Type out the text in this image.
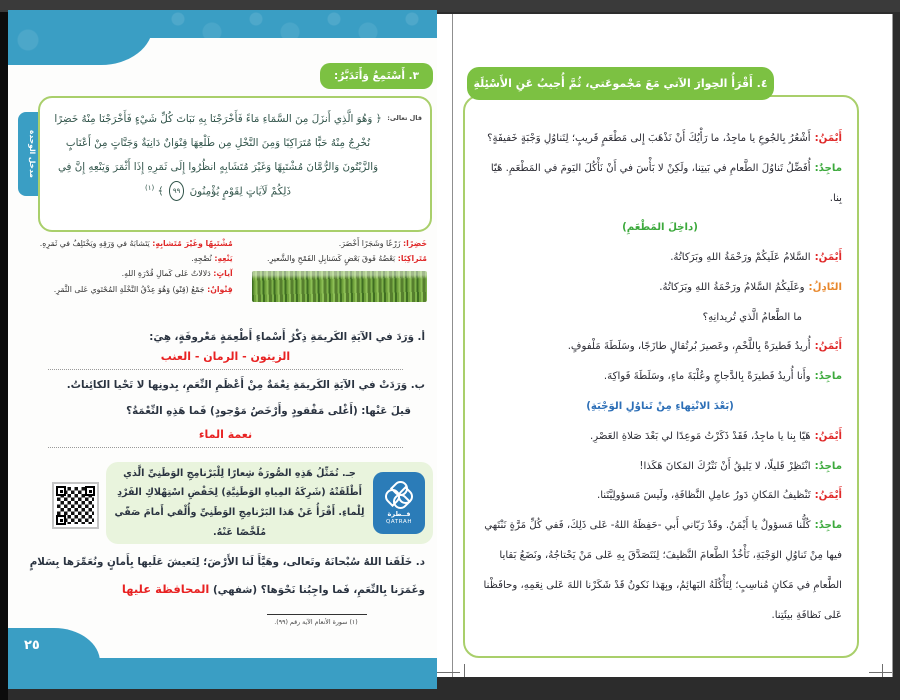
مدخل الوحدة
٣. أَسْتَمِعُ وَأَتَدَبَّرُ:
قال تعالى:
﴿ وَهُوَ الَّذِي أَنزَلَ مِنَ السَّمَاءِ مَاءً فَأَخْرَجْنَا بِهِ نَبَاتَ كُلِّ شَيْءٍ فَأَخْرَجْنَا مِنْهُ خَضِرًا نُخْرِجُ مِنْهُ حَبًّا مُتَرَاكِبًا وَمِنَ النَّخْلِ مِن طَلْعِهَا قِنْوَانٌ دَانِيَةٌ وَجَنَّاتٍ مِنْ أَعْنَابٍ وَالزَّيْتُونَ وَالرُّمَّانَ مُشْتَبِهًا وَغَيْرَ مُتَشَابِهٍ انظُرُوا إِلَى ثَمَرِهِ إِذَا أَثْمَرَ وَيَنْعِهِ إِنَّ فِي ذَلِكُمْ لَآيَاتٍ لِقَوْمٍ يُؤْمِنُونَ ٩٩ ﴾ $^{(١)}$
خَضِرًا: زَرْعًا وشَجَرًا أَخْضَرَ.
مُتَراكِبًا: بَعْضُهُ فَوقَ بَعْضٍ كَسَنابِلِ القَمْحِ والشَّعيرِ.
مُشْتَبِهًا وغَيْرَ مُتَشابِهٍ: يَتَشابَهُ في وَرَقِهِ ويَخْتَلِفُ في ثَمَرِهِ.
يَنْعِهِ: نُضْجِهِ.
آياتٍ: دَلالاتٌ عَلى كَمالِ قُدْرَةِ اللهِ.
قِنْوانٌ: جَمْعُ (قِنْو) وَهُوَ عِذْقُ النَّخْلَةِ المُحْتَوي عَلى الثَّمَرِ.
أ. وَرَدَ في الآيَةِ الكَريمَةِ ذِكْرُ أَسْماءِ أَطْعِمَةٍ مَعْروفَةٍ، هِيَ:
الزيتون - الرمان - العنب
ب. وَرَدَتْ في الآيَةِ الكَريمَةِ نِعْمَةٌ مِنْ أَعْظَمِ النِّعَمِ، بِدونِها لا تَحْيا الكائِناتُ.
قيلَ عَنْها: (أَغْلى مَفْقودٍ وأَرْخَصُ مَوْجودٍ) فَما هَذِهِ النِّعْمَةُ؟
نعمة الماء
قــطرة
QATRAH
جـ. تُمَثِّلُ هَذِهِ الصُّورَةُ شِعارًا لِلْبَرْنامِجِ الوَطَنِيِّ الَّذي أَطْلَقَتْهُ (شَرِكَةُ المِياهِ الوَطَنِيَّةِ) لِخَفْضِ اسْتِهْلاكِ الفَرْدِ لِلْماءِ. أَقْرَأُ عَنْ هَذا البَرْنامِجِ الوَطَنِيِّ وأُلْقي أَمامَ صَفّي مُلَخَّصًا عَنْهُ.
د. خَلَقَنا اللهُ سُبْحانَهُ وتَعالى، وهَيَّأَ لَنا الأَرْضَ؛ لِنَعيشَ عَلَيها بِأَمانٍ ونُعَمِّرَها بِسَلامٍ وغَمَرَنا بِالنِّعَمِ، فَما واجِبُنا نَحْوَها؟ (شفهي) المحافظة عليها
(١) سورة الأنعام الآية رقم (٩٩).
٢٥
٤. أَقْرَأُ الحِوارَ الآتي مَعَ مَجْموعَتي، ثُمَّ أُجيبُ عَنِ الأَسْئِلَةِ الآتِيَةِ:
أَيْمَنُ:أَشْعُرُ بِالجُوعِ يا ماجِدُ، ما رَأْيُكَ أَنْ نَذْهَبَ إِلى مَطْعَمٍ قَريبٍ؛ لِتَناوُلِ وَجْبَةٍ خَفيفَةٍ؟
ماجِدٌ:أُفَضِّلُ تَناوُلَ الطَّعامِ في بَيتِنا، ولَكِنْ لا بَأْسَ في أَنْ نَأْكُلَ اليَومَ في المَطْعَمِ. هَيّا بِنا.
(داخِلَ المَطْعَمِ)
أَيْمَنُ:السَّلامُ عَلَيكُمْ ورَحْمَةُ اللهِ وبَرَكاتُهُ.
النّادِلُ:وعَلَيكُمُ السَّلامُ ورَحْمَةُ اللهِ وبَرَكاتُهُ.
ما الطَّعامُ الَّذي تُريدانِهِ؟
أَيْمَنُ:أُريدُ فَطيرَةً بِاللَّحْمِ، وعَصيرَ بُرتُقالٍ طازَجًا، وسَلَطَةَ مَلْفوفٍ.
ماجِدٌ:وأَنا أُريدُ فَطيرَةً بِالدَّجاجِ وعُلْبَةَ ماءٍ، وسَلَطَةَ فَواكِهَ.
(بَعْدَ الانْتِهاءِ مِنْ تَناوُلِ الوَجْبَةِ)
أَيْمَنُ:هَيّا بِنا يا ماجِدُ، فَقَدْ ذَكَرْتُ مَوعِدًا لي بَعْدَ صَلاةِ العَصْرِ.
ماجِدٌ:انْتَظِرْ قَليلًا، لا يَليقُ أَنْ نَتْرُكَ المَكانَ هَكَذا!
أَيْمَنُ:تَنْظيفُ المَكانِ دَورُ عامِلِ النَّظافَةِ، ولَيسَ مَسؤولِيَّتَنا.
ماجِدٌ:كُلُّنا مَسؤولٌ يا أَيْمَنُ. وقَدْ رَبّاني أَبي -حَفِظَهُ اللهُ- عَلى ذَلِكَ، فَفي كُلِّ مَرَّةٍ نَنْتَهي فيها مِنْ تَناوُلِ الوَجْبَةِ، نَأْخُذُ الطَّعامَ النَّظيفَ؛ لِنَتَصَدَّقَ بِهِ عَلى مَنْ يَحْتاجُهُ، ونَضَعُ بَقايا الطَّعامِ في مَكانٍ مُناسِبٍ؛ لِتَأْكُلَهُ البَهائِمُ، وبِهَذا نَكونُ قَدْ شَكَرْنا اللهَ عَلى نِعَمِهِ، وحافَظْنا عَلى نَظافَةِ بيئَتِنا.
